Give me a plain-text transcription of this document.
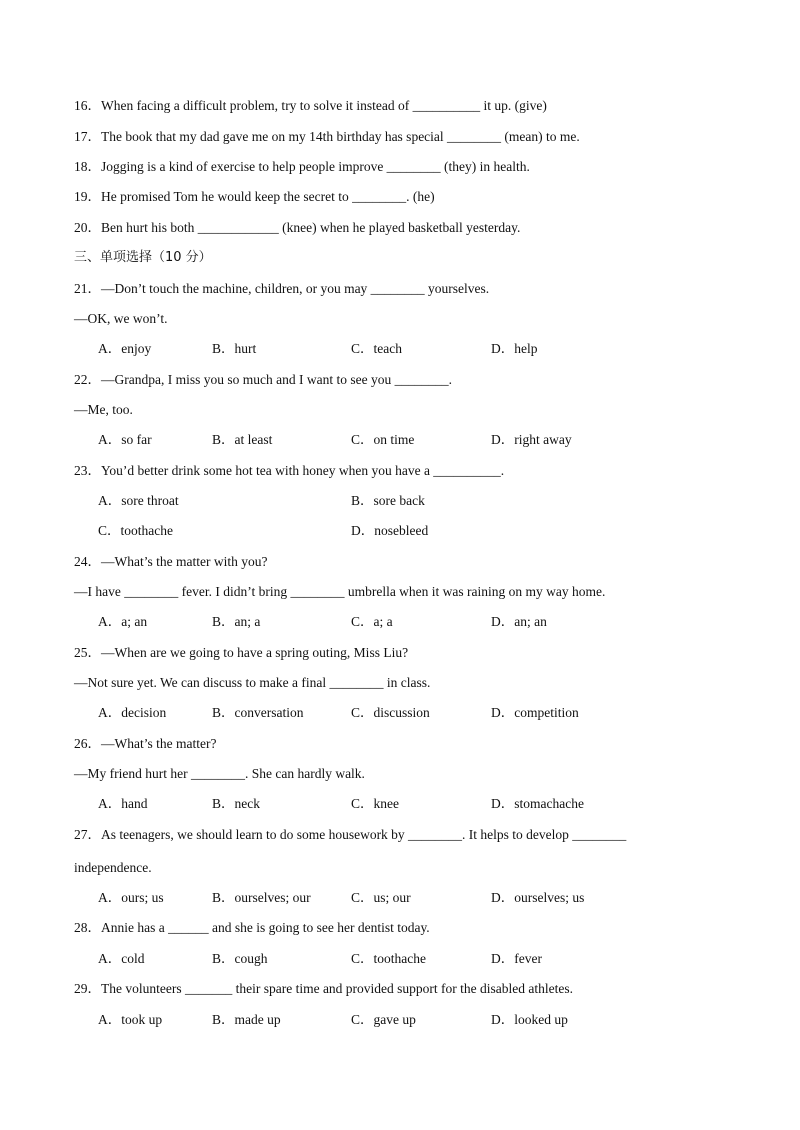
16．When facing a difficult problem, try to solve it instead of __________ it up. (give)
17．The book that my dad gave me on my 14th birthday has special ________ (mean) to me.
18．Jogging is a kind of exercise to help people improve ________ (they) in health.
19．He promised Tom he would keep the secret to ________. (he)
20．Ben hurt his both ____________ (knee) when he played basketball yesterday.
三、单项选择（10 分）
21．—Don’t touch the machine, children, or you may ________ yourselves.
—OK, we won’t.
A．enjoy	B．hurt	C．teach	D．help
22．—Grandpa, I miss you so much and I want to see you ________.
—Me, too.
A．so far	B．at least	C．on time	D．right away
23．You’d better drink some hot tea with honey when you have a __________.
A．sore throat	B．sore back
C．toothache	D．nosebleed
24．—What’s the matter with you?
—I have ________ fever. I didn’t bring ________ umbrella when it was raining on my way home.
A．a; an	B．an; a	C．a; a	D．an; an
25．—When are we going to have a spring outing, Miss Liu?
—Not sure yet. We can discuss to make a final ________ in class.
A．decision	B．conversation	C．discussion	D．competition
26．—What’s the matter?
—My friend hurt her ________. She can hardly walk.
A．hand	B．neck	C．knee	D．stomachache
27．As teenagers, we should learn to do some housework by ________. It helps to develop ________
independence.
A．ours; us	B．ourselves; our	C．us; our	D．ourselves; us
28．Annie has a ______ and she is going to see her dentist today.
A．cold	B．cough	C．toothache	D．fever
29．The volunteers _______ their spare time and provided support for the disabled athletes.
A．took up	B．made up	C．gave up	D．looked up
